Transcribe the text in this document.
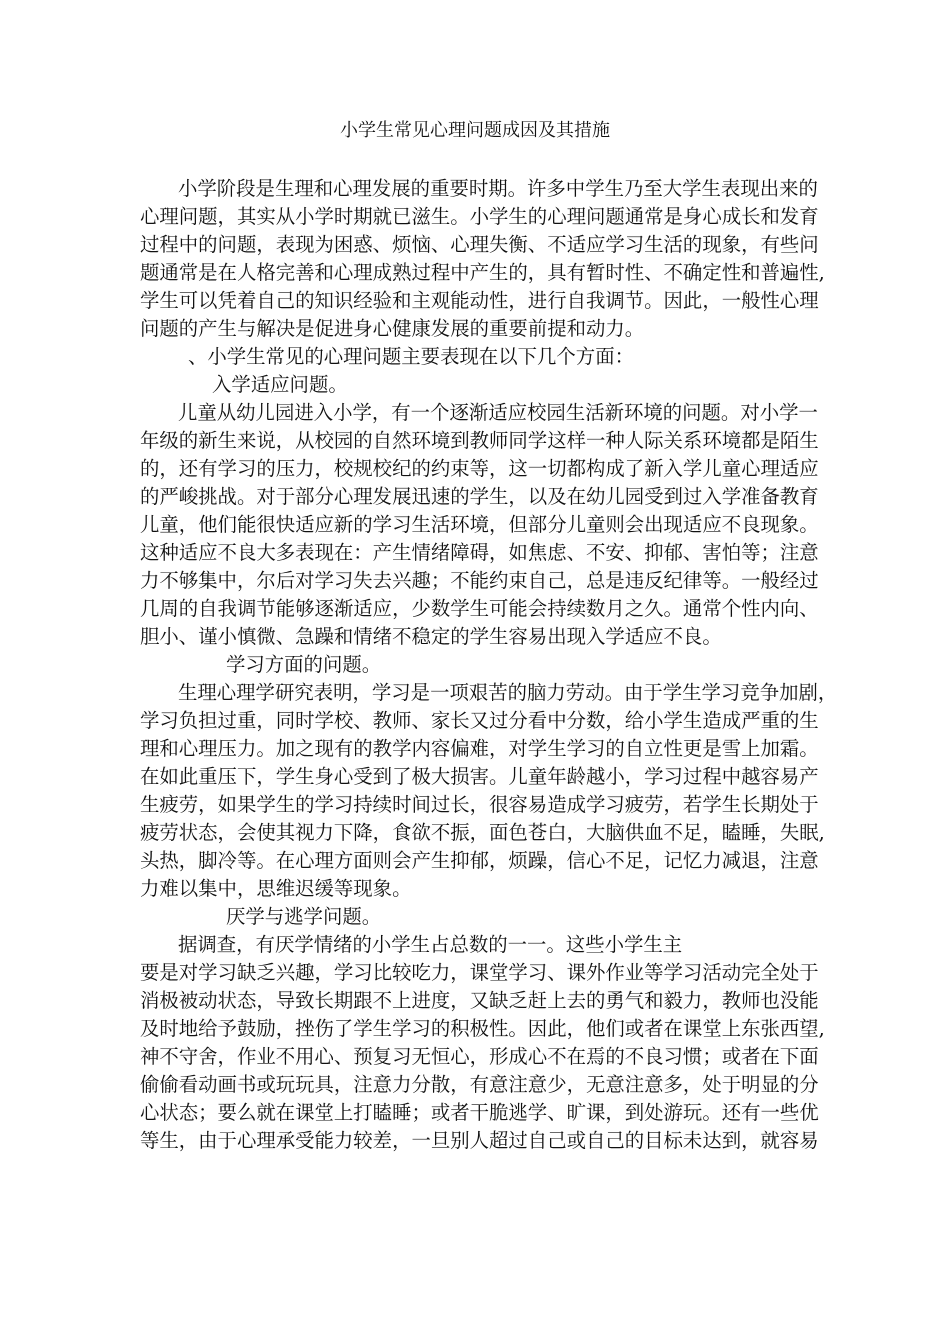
小学生常见心理问题成因及其措施
小学阶段是生理和心理发展的重要时期。许多中学生乃至大学生表现出来的
心理问题，其实从小学时期就已滋生。小学生的心理问题通常是身心成长和发育
过程中的问题，表现为困惑、烦恼、心理失衡、不适应学习生活的现象，有些问
题通常是在人格完善和心理成熟过程中产生的，具有暂时性、不确定性和普遍性,
学生可以凭着自己的知识经验和主观能动性，进行自我调节。因此，一般性心理
问题的产生与解决是促进身心健康发展的重要前提和动力。
、小学生常见的心理问题主要表现在以下几个方面：
入学适应问题。
儿童从幼儿园进入小学，有一个逐渐适应校园生活新环境的问题。对小学一
年级的新生来说，从校园的自然环境到教师同学这样一种人际关系环境都是陌生
的，还有学习的压力，校规校纪的约束等，这一切都构成了新入学儿童心理适应
的严峻挑战。对于部分心理发展迅速的学生，以及在幼儿园受到过入学准备教育
儿童，他们能很快适应新的学习生活环境，但部分儿童则会出现适应不良现象。
这种适应不良大多表现在：产生情绪障碍，如焦虑、不安、抑郁、害怕等；注意
力不够集中，尔后对学习失去兴趣；不能约束自己，总是违反纪律等。一般经过
几周的自我调节能够逐渐适应，少数学生可能会持续数月之久。通常个性内向、
胆小、谨小慎微、急躁和情绪不稳定的学生容易出现入学适应不良。
学习方面的问题。
生理心理学研究表明，学习是一项艰苦的脑力劳动。由于学生学习竞争加剧，
学习负担过重，同时学校、教师、家长又过分看中分数，给小学生造成严重的生
理和心理压力。加之现有的教学内容偏难，对学生学习的自立性更是雪上加霜。
在如此重压下，学生身心受到了极大损害。儿童年龄越小，学习过程中越容易产
生疲劳，如果学生的学习持续时间过长，很容易造成学习疲劳，若学生长期处于
疲劳状态，会使其视力下降，食欲不振，面色苍白，大脑供血不足，瞌睡，失眠,
头热，脚冷等。在心理方面则会产生抑郁，烦躁，信心不足，记忆力减退，注意
力难以集中，思维迟缓等现象。
厌学与逃学问题。
据调查，有厌学情绪的小学生占总数的一一。这些小学生主
要是对学习缺乏兴趣，学习比较吃力，课堂学习、课外作业等学习活动完全处于
消极被动状态，导致长期跟不上进度，又缺乏赶上去的勇气和毅力，教师也没能
及时地给予鼓励，挫伤了学生学习的积极性。因此，他们或者在课堂上东张西望,
神不守舍，作业不用心、预复习无恒心，形成心不在焉的不良习惯；或者在下面
偷偷看动画书或玩玩具，注意力分散，有意注意少，无意注意多，处于明显的分
心状态；要么就在课堂上打瞌睡；或者干脆逃学、旷课，到处游玩。还有一些优
等生，由于心理承受能力较差，一旦别人超过自己或自己的目标未达到，就容易
